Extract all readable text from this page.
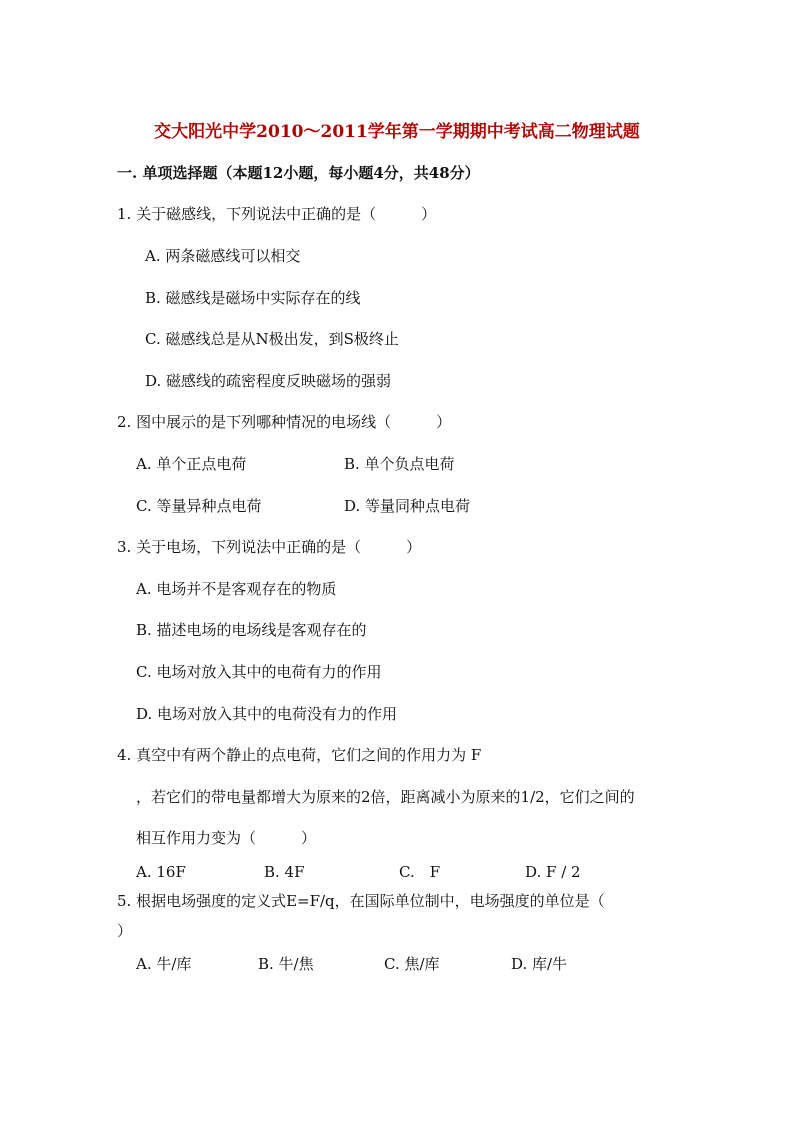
交大阳光中学2010～2011学年第一学期期中考试高二物理试题
一. 单项选择题（本题12小题，每小题4分，共48分）
1. 关于磁感线，下列说法中正确的是（　　　）
A. 两条磁感线可以相交
B. 磁感线是磁场中实际存在的线
C. 磁感线总是从N极出发，到S极终止
D. 磁感线的疏密程度反映磁场的强弱
2. 图中展示的是下列哪种情况的电场线（　　　）
A. 单个正点电荷	B. 单个负点电荷
C. 等量异种点电荷	D. 等量同种点电荷
3. 关于电场，下列说法中正确的是（　　　）
A. 电场并不是客观存在的物质
B. 描述电场的电场线是客观存在的
C. 电场对放入其中的电荷有力的作用
D. 电场对放入其中的电荷没有力的作用
4. 真空中有两个静止的点电荷，它们之间的作用力为 F
，若它们的带电量都增大为原来的2倍，距离减小为原来的1/2，它们之间的
相互作用力变为（　　　）
A. 16F	B. 4F	C.　F	D. F / 2
5. 根据电场强度的定义式E=F/q，在国际单位制中，电场强度的单位是（
）
A. 牛/库	B. 牛/焦	C. 焦/库	D. 库/牛
